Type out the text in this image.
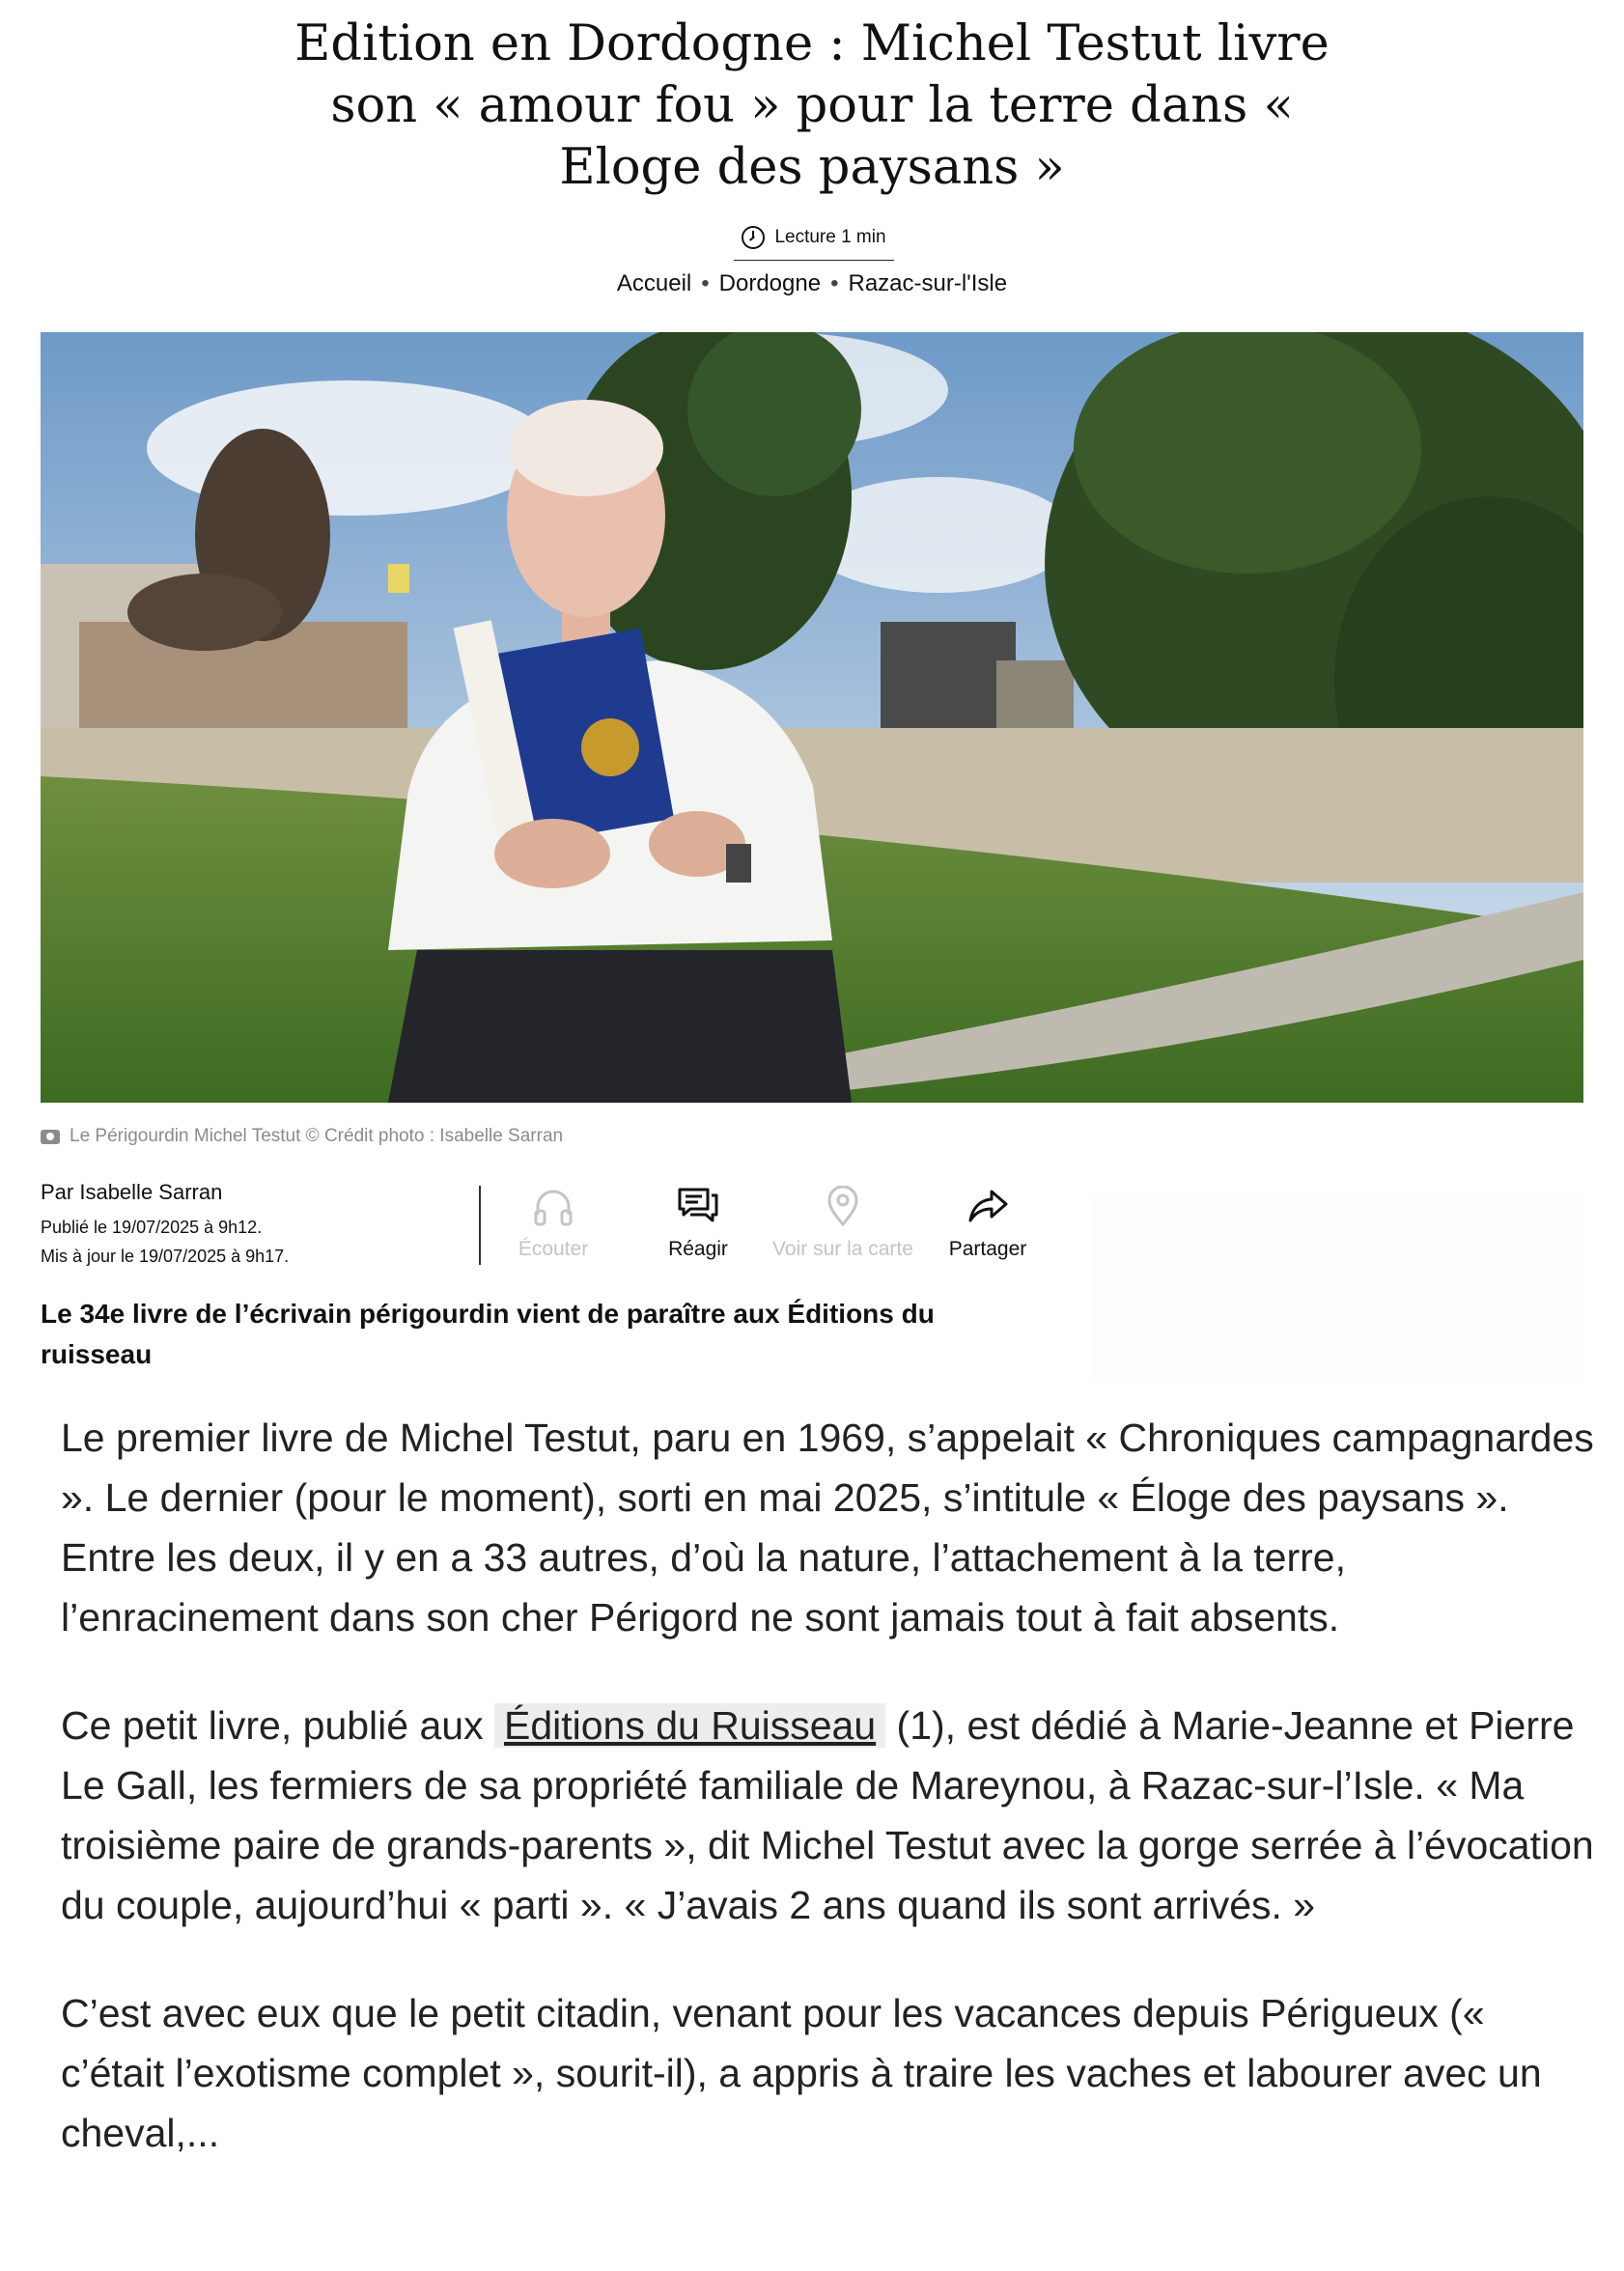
Edition en Dordogne : Michel Testut livre son « amour fou » pour la terre dans « Eloge des paysans »
Lecture 1 min
Accueil • Dordogne • Razac-sur-l'Isle
Le Périgourdin Michel Testut © Crédit photo : Isabelle Sarran
Par Isabelle Sarran
Publié le 19/07/2025 à 9h12.
Mis à jour le 19/07/2025 à 9h17.	Écouter	Réagir Voir sur la carte Partager

Le 34e livre de l’écrivain périgourdin vient de paraître aux Éditions du ruisseau

Le premier livre de Michel Testut, paru en 1969, s’appelait « Chroniques campagnardes ». Le dernier (pour le moment), sorti en mai 2025, s’intitule « Éloge des paysans ». Entre les deux, il y en a 33 autres, d’où la nature, l’attachement à la terre, l’enracinement dans son cher Périgord ne sont jamais tout à fait absents.

Ce petit livre, publié aux Éditions du Ruisseau (1), est dédié à Marie-Jeanne et Pierre Le Gall, les fermiers de sa propriété familiale de Mareynou, à Razac-sur-l’Isle. « Ma troisième paire de grands-parents », dit Michel Testut avec la gorge serrée à l’évocation du couple, aujourd’hui « parti ». « J’avais 2 ans quand ils sont arrivés. »

C’est avec eux que le petit citadin, venant pour les vacances depuis Périgueux (« c’était l’exotisme complet », sourit-il), a appris à traire les vaches et labourer avec un cheval,...
